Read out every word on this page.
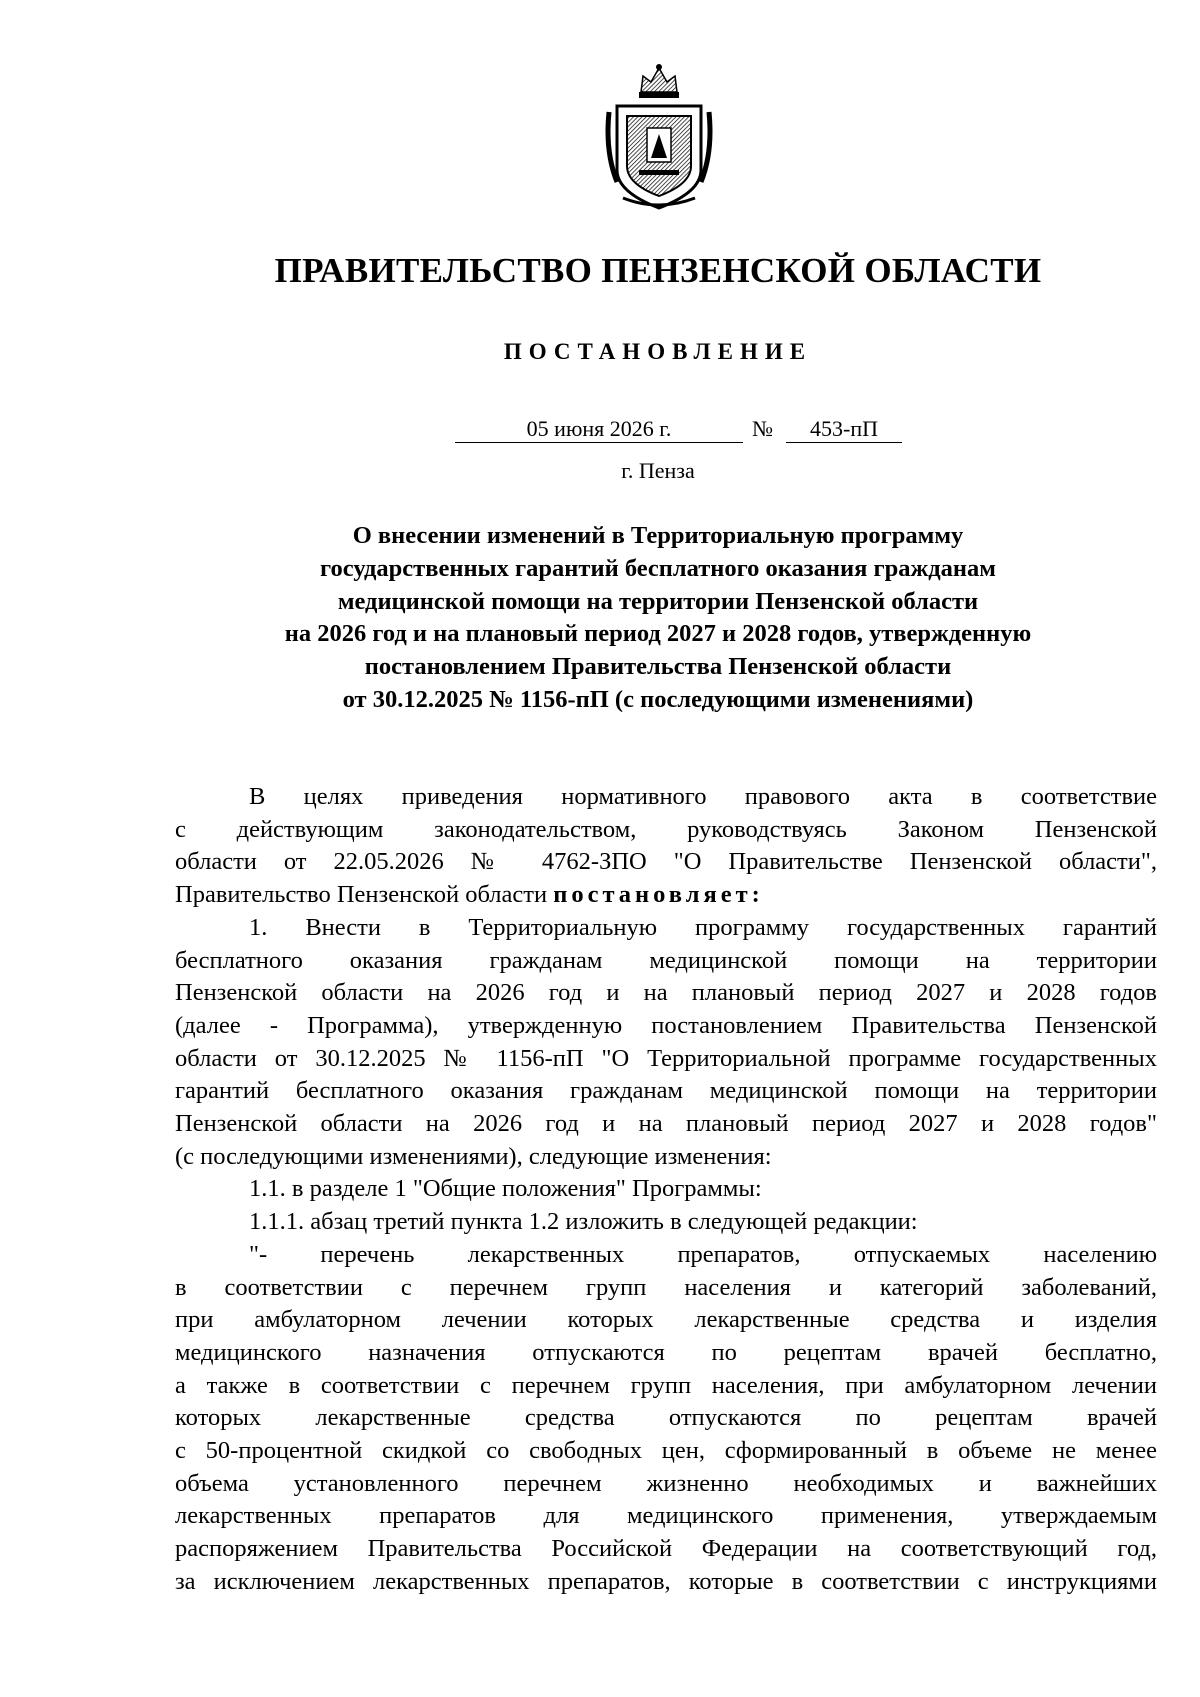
ПРАВИТЕЛЬСТВО ПЕНЗЕНСКОЙ ОБЛАСТИ
ПОСТАНОВЛЕНИЕ
05 июня 2026 г.	№	453-пП
г. Пенза
О внесении изменений в Территориальную программу
государственных гарантий бесплатного оказания гражданам
медицинской помощи на территории Пензенской области
на 2026 год и на плановый период 2027 и 2028 годов, утвержденную
постановлением Правительства Пензенской области
от 30.12.2025 № 1156-пП (с последующими изменениями)
В целях приведения нормативного правового акта в соответствие
с действующим законодательством, руководствуясь Законом Пензенской
области от 22.05.2026 № 4762-ЗПО "О Правительстве Пензенской области",
Правительство Пензенской области постановляет:
1. Внести в Территориальную программу государственных гарантий
бесплатного оказания гражданам медицинской помощи на территории
Пензенской области на 2026 год и на плановый период 2027 и 2028 годов
(далее - Программа), утвержденную постановлением Правительства Пензенской
области от 30.12.2025 № 1156-пП "О Территориальной программе государственных
гарантий бесплатного оказания гражданам медицинской помощи на территории
Пензенской области на 2026 год и на плановый период 2027 и 2028 годов"
(с последующими изменениями), следующие изменения:
1.1. в разделе 1 "Общие положения" Программы:
1.1.1. абзац третий пункта 1.2 изложить в следующей редакции:
"- перечень лекарственных препаратов, отпускаемых населению
в соответствии с перечнем групп населения и категорий заболеваний,
при амбулаторном лечении которых лекарственные средства и изделия
медицинского назначения отпускаются по рецептам врачей бесплатно,
а также в соответствии с перечнем групп населения, при амбулаторном лечении
которых лекарственные средства отпускаются по рецептам врачей
с 50-процентной скидкой со свободных цен, сформированный в объеме не менее
объема установленного перечнем жизненно необходимых и важнейших
лекарственных препаратов для медицинского применения, утверждаемым
распоряжением Правительства Российской Федерации на соответствующий год,
за исключением лекарственных препаратов, которые в соответствии с инструкциями
